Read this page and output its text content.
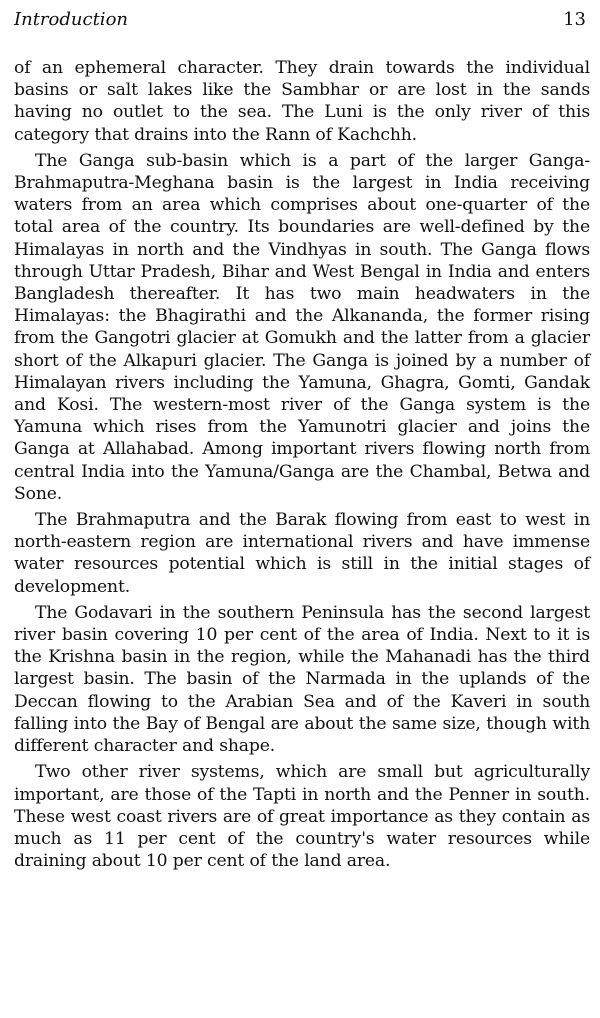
Introduction	13

of an ephemeral character. They drain towards the individual basins or salt lakes like the Sambhar or are lost in the sands having no outlet to the sea. The Luni is the only river of this category that drains into the Rann of Kachchh.

The Ganga sub-basin which is a part of the larger Ganga-Brahmaputra-Meghana basin is the largest in India receiving waters from an area which comprises about one-quarter of the total area of the country. Its boundaries are well-defined by the Himalayas in north and the Vindhyas in south. The Ganga flows through Uttar Pradesh, Bihar and West Bengal in India and enters Bangladesh thereafter. It has two main headwaters in the Himalayas: the Bhagirathi and the Alkananda, the former rising from the Gangotri glacier at Gomukh and the latter from a glacier short of the Alkapuri glacier. The Ganga is joined by a number of Himalayan rivers including the Yamuna, Ghagra, Gomti, Gandak and Kosi. The western-most river of the Ganga system is the Yamuna which rises from the Yamunotri glacier and joins the Ganga at Allahabad. Among important rivers flowing north from central India into the Yamuna/Ganga are the Chambal, Betwa and Sone.

The Brahmaputra and the Barak flowing from east to west in north-eastern region are international rivers and have immense water resources potential which is still in the initial stages of development.

The Godavari in the southern Peninsula has the second largest river basin covering 10 per cent of the area of India. Next to it is the Krishna basin in the region, while the Mahanadi has the third largest basin. The basin of the Narmada in the uplands of the Deccan flowing to the Arabian Sea and of the Kaveri in south falling into the Bay of Bengal are about the same size, though with different character and shape.

Two other river systems, which are small but agriculturally important, are those of the Tapti in north and the Penner in south. These west coast rivers are of great importance as they contain as much as 11 per cent of the country's water resources while draining about 10 per cent of the land area.
